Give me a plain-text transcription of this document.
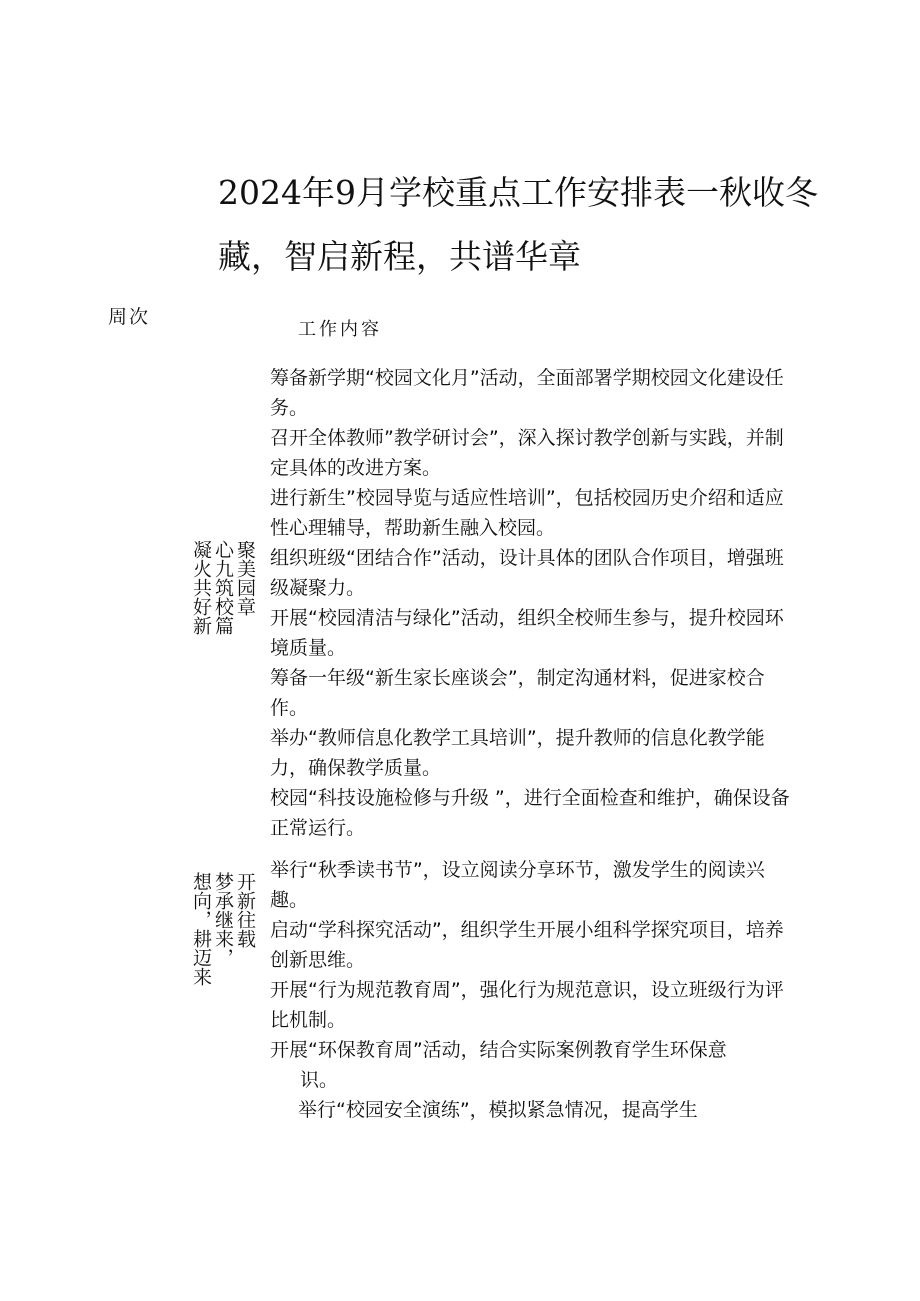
2024年9月学校重点工作安排表一秋收冬
藏，智启新程，共谱华章
周次
工作内容
聚美园章
心九筑校篇
凝火共好新
筹备新学期“校园文化月”活动，全面部署学期校园文化建设任务。
召开全体教师”教学研讨会”，深入探讨教学创新与实践，并制定具体的改进方案。
进行新生”校园导览与适应性培训”，包括校园历史介绍和适应性心理辅导，帮助新生融入校园。
组织班级“团结合作”活动，设计具体的团队合作项目，增强班级凝聚力。
开展“校园清洁与绿化”活动，组织全校师生参与，提升校园环境质量。
筹备一年级“新生家长座谈会”，制定沟通材料，促进家校合作。
举办“教师信息化教学工具培训”，提升教师的信息化教学能力，确保教学质量。
校园“科技设施检修与升级 ”，进行全面检查和维护，确保设备正常运行。
开新往载
梦承继来，
想向，耕迈来
举行“秋季读书节”，设立阅读分享环节，激发学生的阅读兴趣。
启动“学科探究活动”，组织学生开展小组科学探究项目，培养创新思维。
开展“行为规范教育周”，强化行为规范意识，设立班级行为评比机制。
开展“环保教育周”活动，结合实际案例教育学生环保意
识。
举行“校园安全演练”，模拟紧急情况，提高学生
